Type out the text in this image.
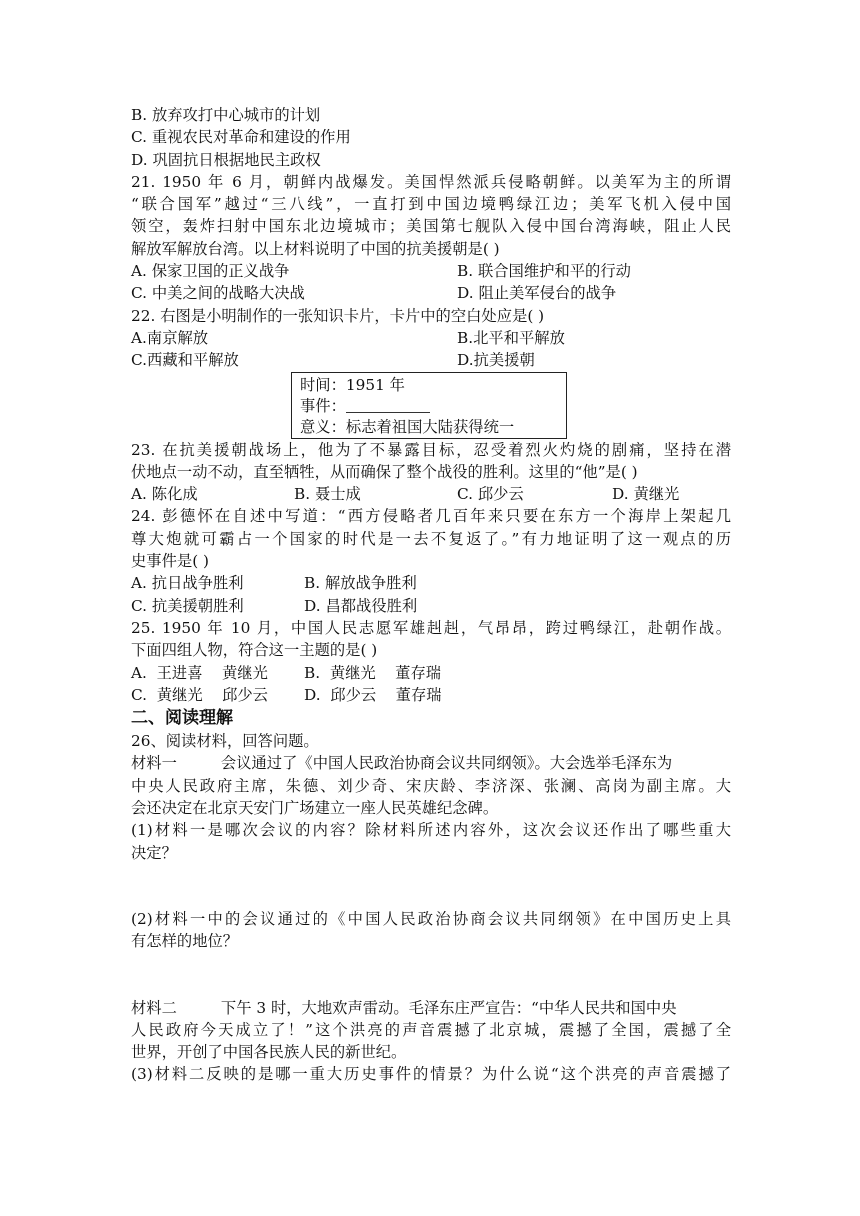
B. 放弃攻打中心城市的计划
C. 重视农民对革命和建设的作用
D. 巩固抗日根据地民主政权
21. 1950 年 6 月，朝鲜内战爆发。美国悍然派兵侵略朝鲜。以美军为主的所谓
“联合国军”越过“三八线”，一直打到中国边境鸭绿江边；美军飞机入侵中国
领空，轰炸扫射中国东北边境城市；美国第七舰队入侵中国台湾海峡，阻止人民
解放军解放台湾。以上材料说明了中国的抗美援朝是( )
A. 保家卫国的正义战争	B. 联合国维护和平的行动
C. 中美之间的战略大决战	D. 阻止美军侵台的战争
22. 右图是小明制作的一张知识卡片，卡片中的空白处应是( )
A.南京解放	B.北平和平解放
C.西藏和平解放	D.抗美援朝
时间：1951 年
事件：
意义：标志着祖国大陆获得统一
23. 在抗美援朝战场上，他为了不暴露目标，忍受着烈火灼烧的剧痛，坚持在潜
伏地点一动不动，直至牺牲，从而确保了整个战役的胜利。这里的“他”是( )
A. 陈化成	B. 聂士成	C. 邱少云	D. 黄继光
24. 彭德怀在自述中写道：“西方侵略者几百年来只要在东方一个海岸上架起几
尊大炮就可霸占一个国家的时代是一去不复返了。”有力地证明了这一观点的历
史事件是( )
A. 抗日战争胜利	B. 解放战争胜利
C. 抗美援朝胜利	D. 昌都战役胜利
25. 1950 年 10 月，中国人民志愿军雄赳赳，气昂昂，跨过鸭绿江，赴朝作战。
下面四组人物，符合这一主题的是( )
A.  王进喜    黄继光	B.  黄继光    董存瑞
C.  黄继光    邱少云	D.  邱少云    董存瑞
二、阅读理解
26、阅读材料，回答问题。
材料一	会议通过了《中国人民政治协商会议共同纲领》。大会选举毛泽东为
中央人民政府主席，朱德、刘少奇、宋庆龄、李济深、张澜、高岗为副主席。大
会还决定在北京天安门广场建立一座人民英雄纪念碑。
(1)材料一是哪次会议的内容？除材料所述内容外，这次会议还作出了哪些重大
决定？
(2)材料一中的会议通过的《中国人民政治协商会议共同纲领》在中国历史上具
有怎样的地位？
材料二	下午 3 时，大地欢声雷动。毛泽东庄严宣告：“中华人民共和国中央
人民政府今天成立了！”这个洪亮的声音震撼了北京城，震撼了全国，震撼了全
世界，开创了中国各民族人民的新世纪。
(3)材料二反映的是哪一重大历史事件的情景？为什么说“这个洪亮的声音震撼了
